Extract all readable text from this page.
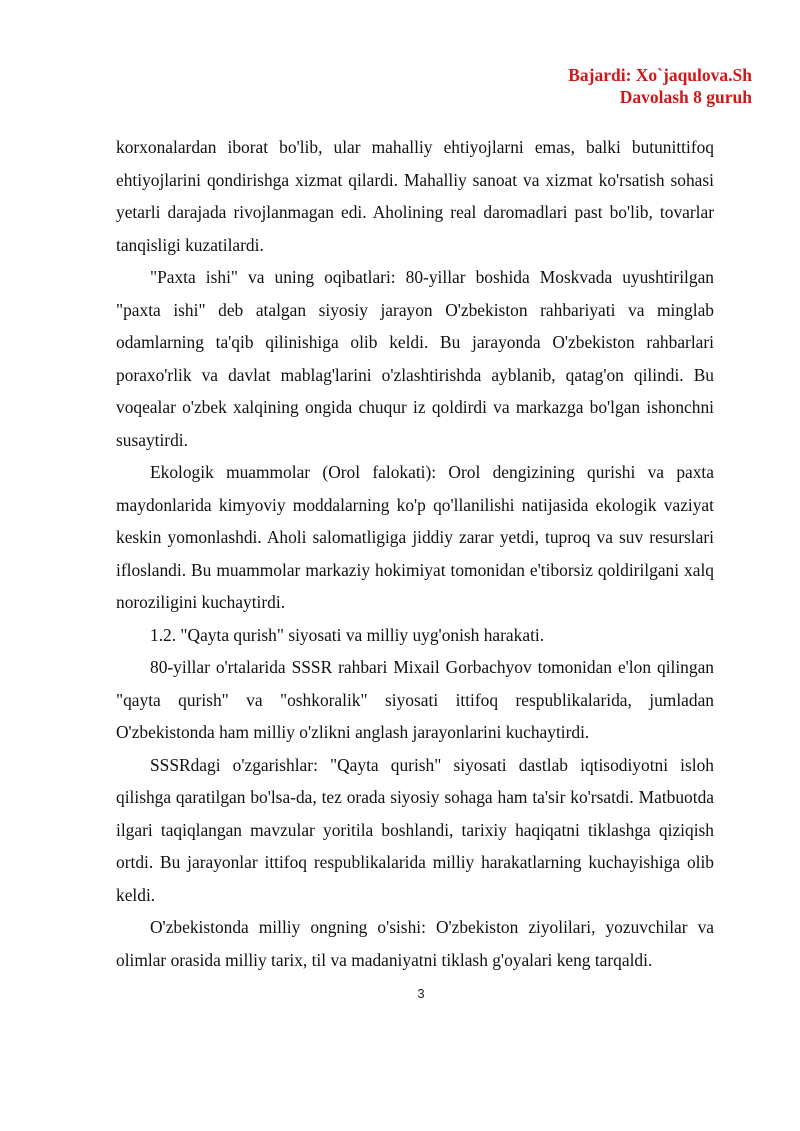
Bajardi: Xo`jaqulova.Sh
Davolash 8 guruh

korxonalardan iborat bo'lib, ular mahalliy ehtiyojlarni emas, balki butunittifoq ehtiyojlarini qondirishga xizmat qilardi. Mahalliy sanoat va xizmat ko'rsatish sohasi yetarli darajada rivojlanmagan edi. Aholining real daromadlari past bo'lib, tovarlar tanqisligi kuzatilardi.

"Paxta ishi" va uning oqibatlari: 80-yillar boshida Moskvada uyushtirilgan "paxta ishi" deb atalgan siyosiy jarayon O'zbekiston rahbariyati va minglab odamlarning ta'qib qilinishiga olib keldi. Bu jarayonda O'zbekiston rahbarlari poraxo'rlik va davlat mablag'larini o'zlashtirishda ayblanib, qatag'on qilindi. Bu voqealar o'zbek xalqining ongida chuqur iz qoldirdi va markazga bo'lgan ishonchni susaytirdi.

Ekologik muammolar (Orol falokati): Orol dengizining qurishi va paxta maydonlarida kimyoviy moddalarning ko'p qo'llanilishi natijasida ekologik vaziyat keskin yomonlashdi. Aholi salomatligiga jiddiy zarar yetdi, tuproq va suv resurslari ifloslandi. Bu muammolar markaziy hokimiyat tomonidan e'tiborsiz qoldirilgani xalq noroziligini kuchaytirdi.

1.2. "Qayta qurish" siyosati va milliy uyg'onish harakati.

80-yillar o'rtalarida SSSR rahbari Mixail Gorbachyov tomonidan e'lon qilingan "qayta qurish" va "oshkoralik" siyosati ittifoq respublikalarida, jumladan O'zbekistonda ham milliy o'zlikni anglash jarayonlarini kuchaytirdi.

SSSRdagi o'zgarishlar: "Qayta qurish" siyosati dastlab iqtisodiyotni isloh qilishga qaratilgan bo'lsa-da, tez orada siyosiy sohaga ham ta'sir ko'rsatdi. Matbuotda ilgari taqiqlangan mavzular yoritila boshlandi, tarixiy haqiqatni tiklashga qiziqish ortdi. Bu jarayonlar ittifoq respublikalarida milliy harakatlarning kuchayishiga olib keldi.

O'zbekistonda milliy ongning o'sishi: O'zbekiston ziyolilari, yozuvchilar va olimlar orasida milliy tarix, til va madaniyatni tiklash g'oyalari keng tarqaldi.

3
